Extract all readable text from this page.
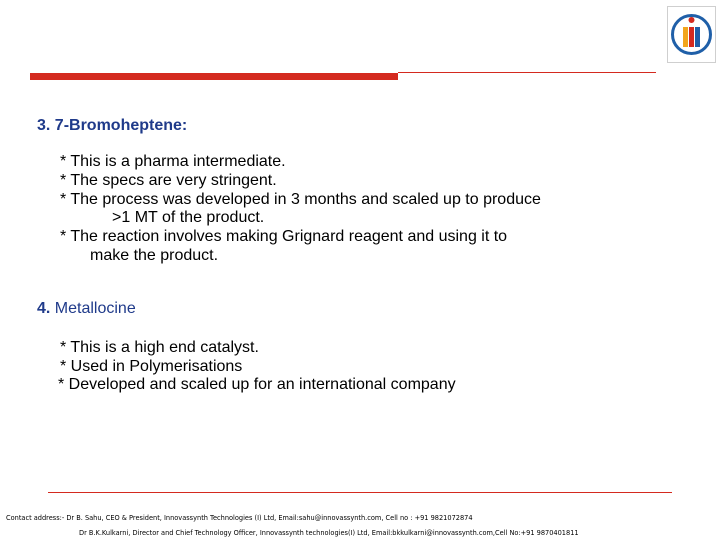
3. 7-Bromoheptene:
* This is a pharma intermediate.
* The specs are very stringent.
* The process was developed in 3 months and scaled up to produce
>1 MT of the product.
* The reaction involves making Grignard reagent and using it to
make the product.
4. Metallocine
* This is a high end catalyst.
* Used in Polymerisations
* Developed and scaled up for an international company
Contact address:- Dr B. Sahu, CEO & President, Innovassynth Technologies (I) Ltd, Email:sahu@innovassynth.com, Cell no : +91 9821072874
Dr B.K.Kulkarni, Director and Chief Technology Officer, Innovassynth technologies(I) Ltd, Email:bkkulkarni@innovassynth.com,Cell No:+91 9870401811
